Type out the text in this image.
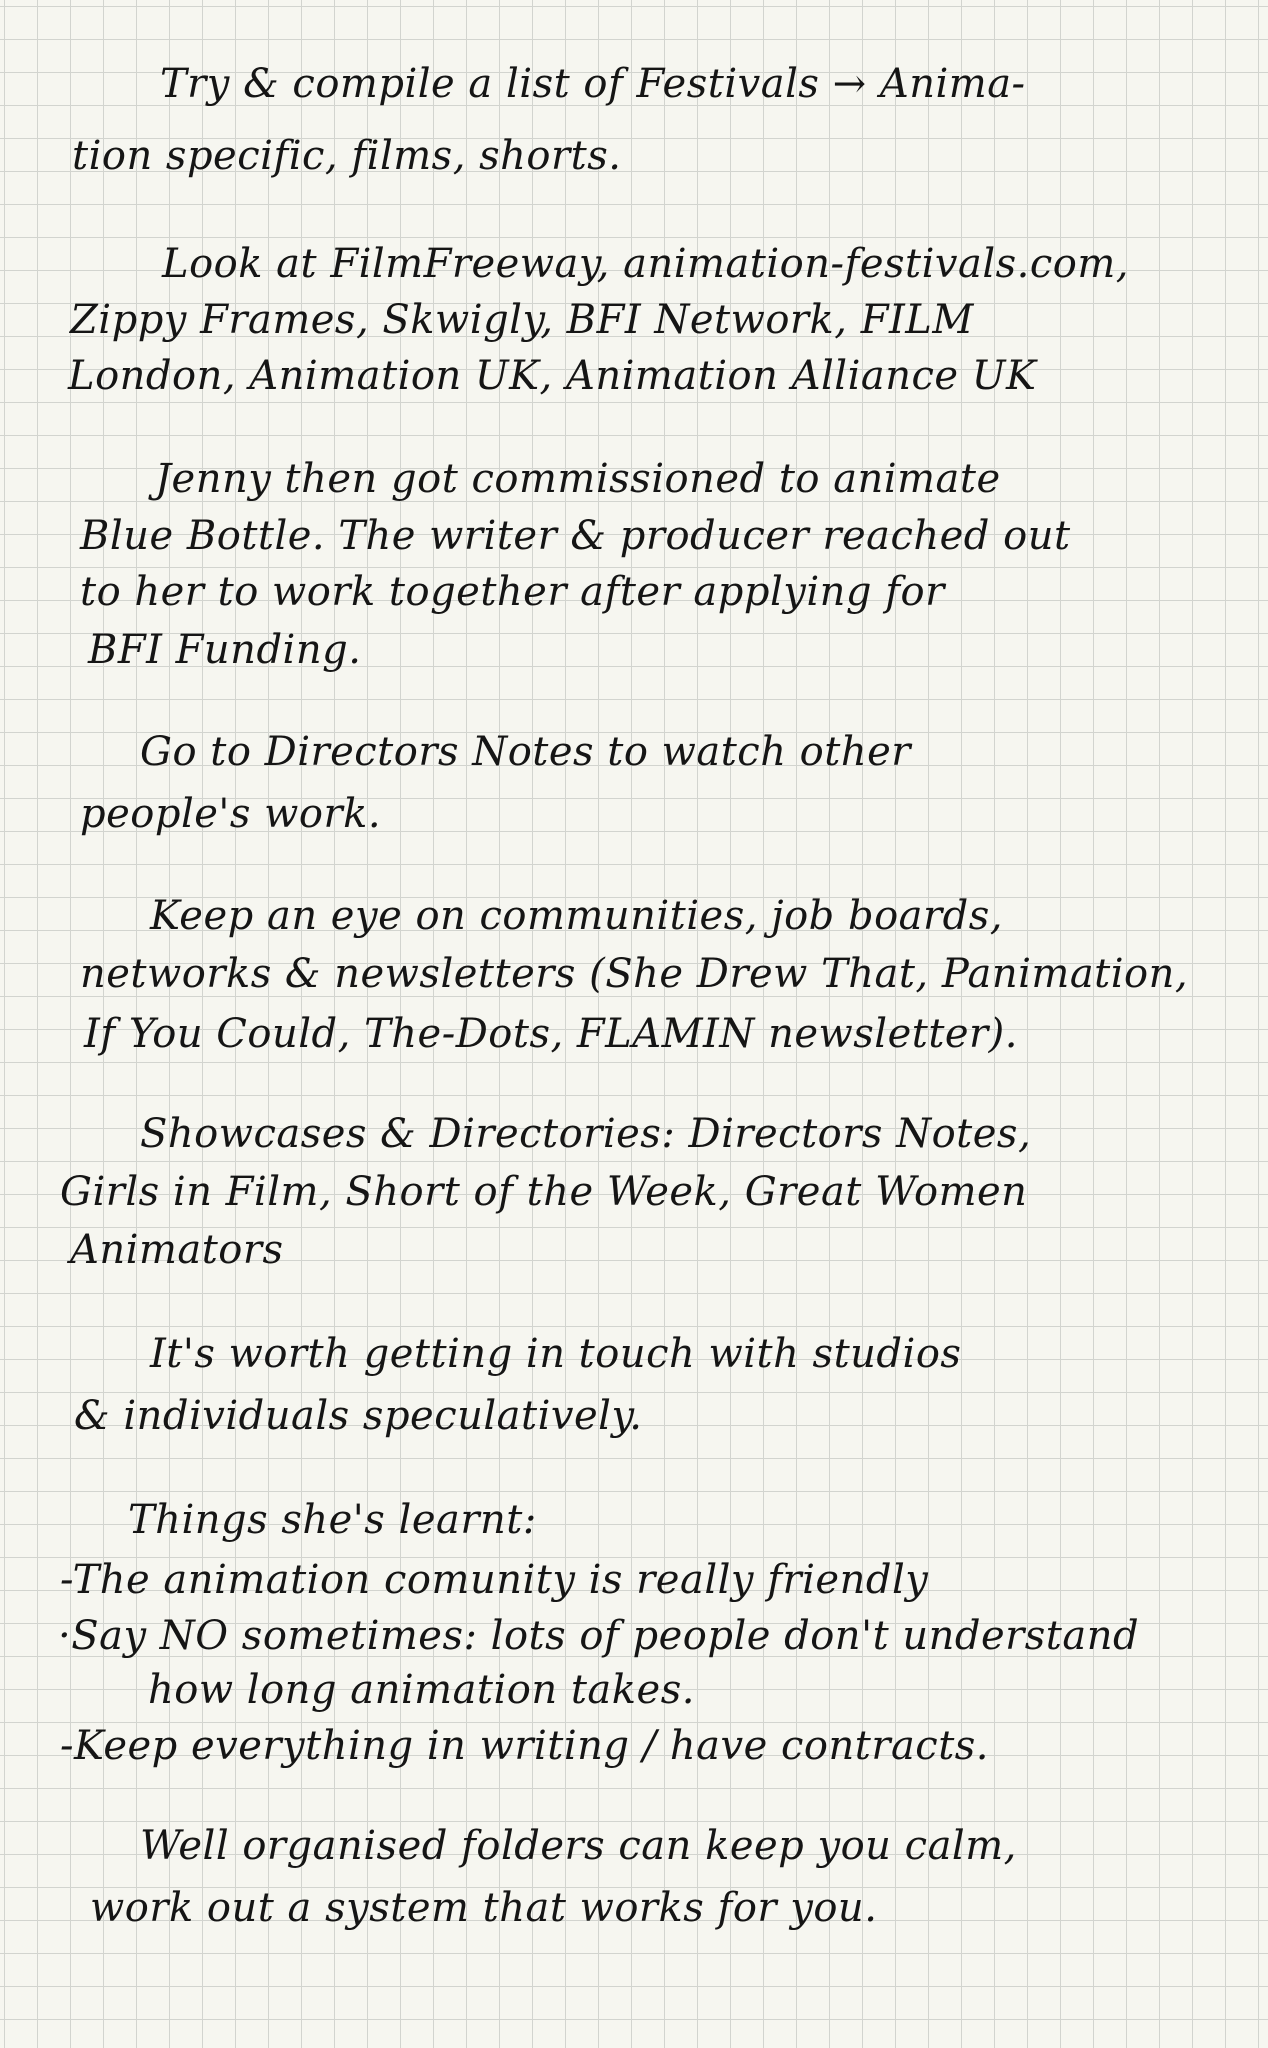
Try & compile a list of Festivals → Anima-
tion specific, films, shorts.
Look at FilmFreeway, animation-festivals.com,
Zippy Frames, Skwigly, BFI Network, FILM
London, Animation UK, Animation Alliance UK
Jenny then got commissioned to animate
Blue Bottle. The writer & producer reached out
to her to work together after applying for
BFI Funding.
Go to Directors Notes to watch other
people's work.
Keep an eye on communities, job boards,
networks & newsletters (She Drew That, Panimation,
If You Could, The-Dots, FLAMIN newsletter).
Showcases & Directories: Directors Notes,
Girls in Film, Short of the Week, Great Women
Animators
It's worth getting in touch with studios
& individuals speculatively.
Things she's learnt:
-The animation comunity is really friendly
·Say NO sometimes: lots of people don't understand
how long animation takes.
-Keep everything in writing / have contracts.
Well organised folders can keep you calm,
work out a system that works for you.
